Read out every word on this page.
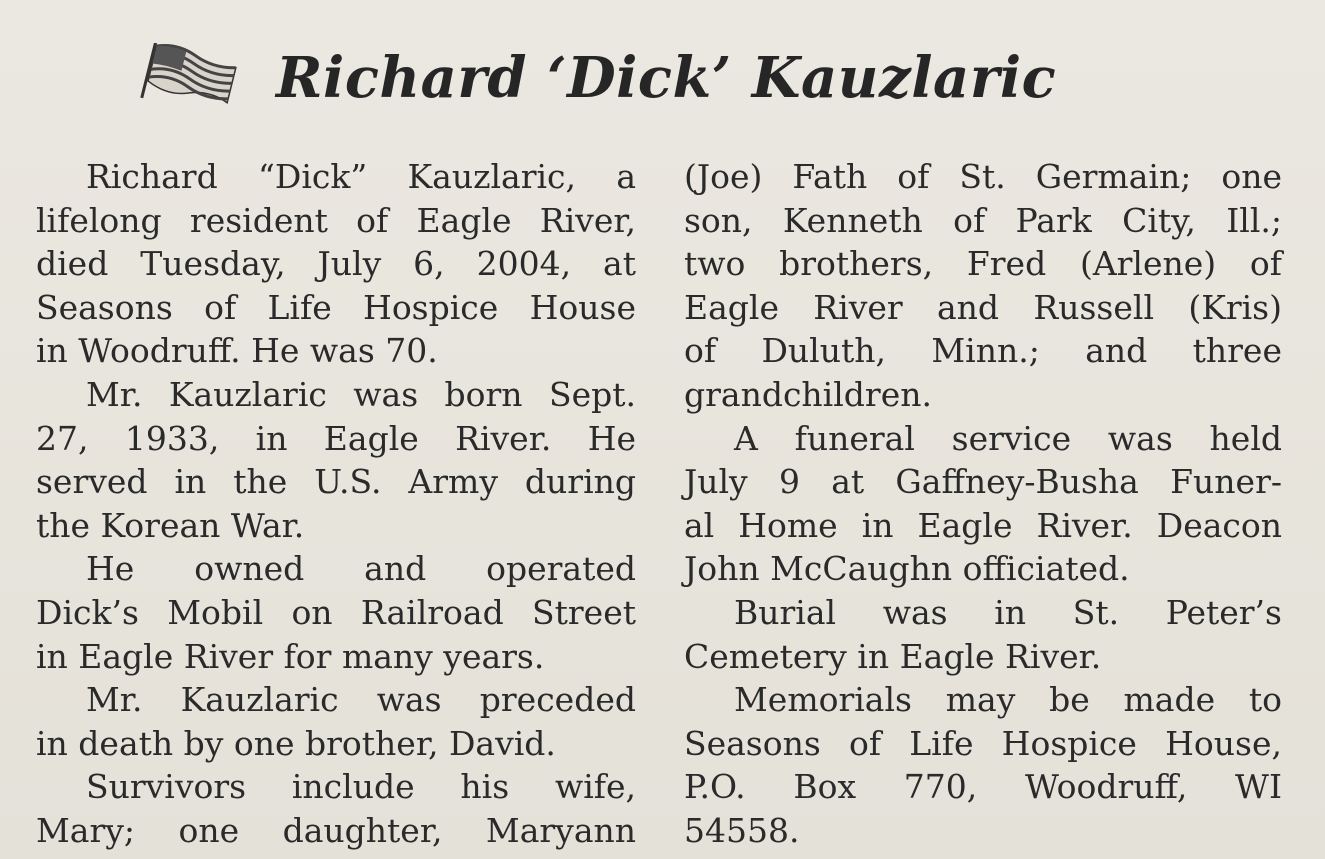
Richard ‘Dick’ Kauzlaric
Richard “Dick” Kauzlaric, a
lifelong resident of Eagle River,
died Tuesday, July 6, 2004, at
Seasons of Life Hospice House
in Woodruff. He was 70.
Mr. Kauzlaric was born Sept.
27, 1933, in Eagle River. He
served in the U.S. Army during
the Korean War.
He owned and operated
Dick’s Mobil on Railroad Street
in Eagle River for many years.
Mr. Kauzlaric was preceded
in death by one brother, David.
Survivors include his wife,
Mary; one daughter, Maryann
(Joe) Fath of St. Germain; one
son, Kenneth of Park City, Ill.;
two brothers, Fred (Arlene) of
Eagle River and Russell (Kris)
of Duluth, Minn.; and three
grandchildren.
A funeral service was held
July 9 at Gaffney-Busha Funer-
al Home in Eagle River. Deacon
John McCaughn officiated.
Burial was in St. Peter’s
Cemetery in Eagle River.
Memorials may be made to
Seasons of Life Hospice House,
P.O. Box 770, Woodruff, WI
54558.
